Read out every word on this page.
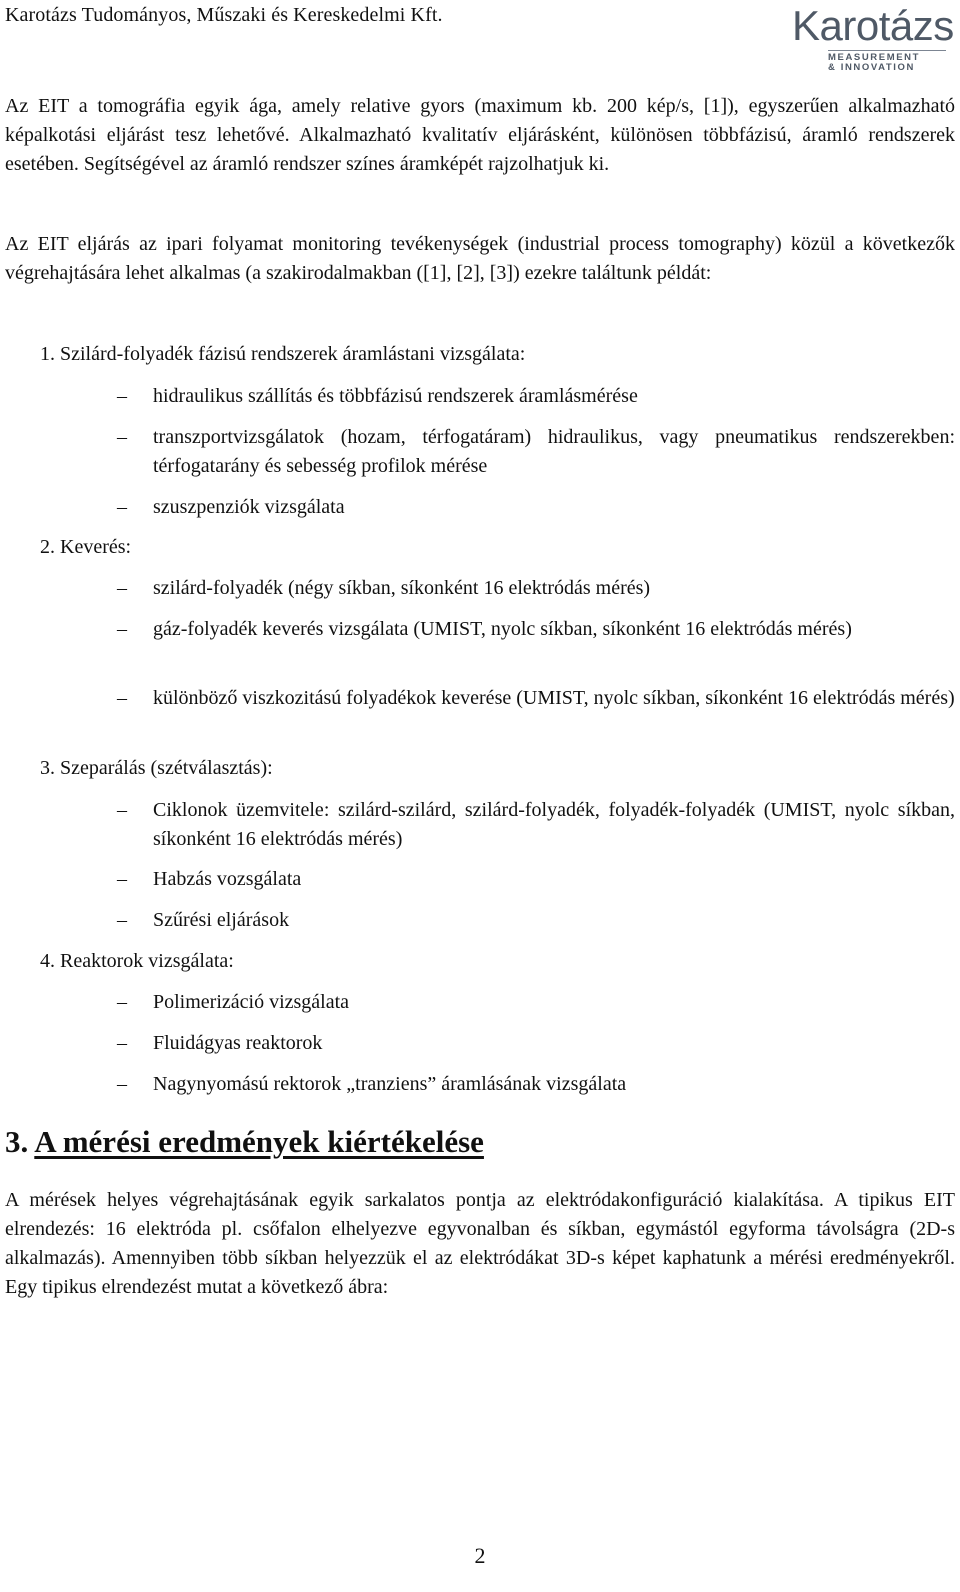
Karotázs Tudományos, Műszaki és Kereskedelmi Kft.	Karotázs
MEASUREMENT
& INNOVATION
Az EIT a tomográfia egyik ága, amely relative gyors (maximum kb. 200 kép/s, [1]), egyszerűen alkalmazható képalkotási eljárást tesz lehetővé. Alkalmazható kvalitatív eljárásként, különösen többfázisú, áramló rendszerek esetében. Segítségével az áramló rendszer színes áramképét rajzolhatjuk ki.
Az EIT eljárás az ipari folyamat monitoring tevékenységek (industrial process tomography) közül a következők végrehajtására lehet alkalmas (a szakirodalmakban ([1], [2], [3]) ezekre találtunk példát:
1. Szilárd-folyadék fázisú rendszerek áramlástani vizsgálata:
–	hidraulikus szállítás és többfázisú rendszerek áramlásmérése
–	transzportvizsgálatok (hozam, térfogatáram) hidraulikus, vagy pneumatikus rendszerekben: térfogatarány és sebesség profilok mérése
–	szuszpenziók vizsgálata
2. Keverés:
–	szilárd-folyadék (négy síkban, síkonként 16 elektródás mérés)
–	gáz-folyadék keverés vizsgálata (UMIST, nyolc síkban, síkonként 16 elektródás mérés)
–	különböző viszkozitású folyadékok keverése (UMIST, nyolc síkban, síkonként 16 elektródás mérés)
3. Szeparálás (szétválasztás):
–	Ciklonok üzemvitele: szilárd-szilárd, szilárd-folyadék, folyadék-folyadék (UMIST, nyolc síkban, síkonként 16 elektródás mérés)
–	Habzás vozsgálata
–	Szűrési eljárások
4. Reaktorok vizsgálata:
–	Polimerizáció vizsgálata
–	Fluidágyas reaktorok
–	Nagynyomású rektorok „tranziens” áramlásának vizsgálata
3. A mérési eredmények kiértékelése
A mérések helyes végrehajtásának egyik sarkalatos pontja az elektródakonfiguráció kialakítása. A tipikus EIT elrendezés: 16 elektróda pl. csőfalon elhelyezve egyvonalban és síkban, egymástól egyforma távolságra (2D-s alkalmazás). Amennyiben több síkban helyezzük el az elektródákat 3D-s képet kaphatunk a mérési eredményekről. Egy tipikus elrendezést mutat a következő ábra:
2
